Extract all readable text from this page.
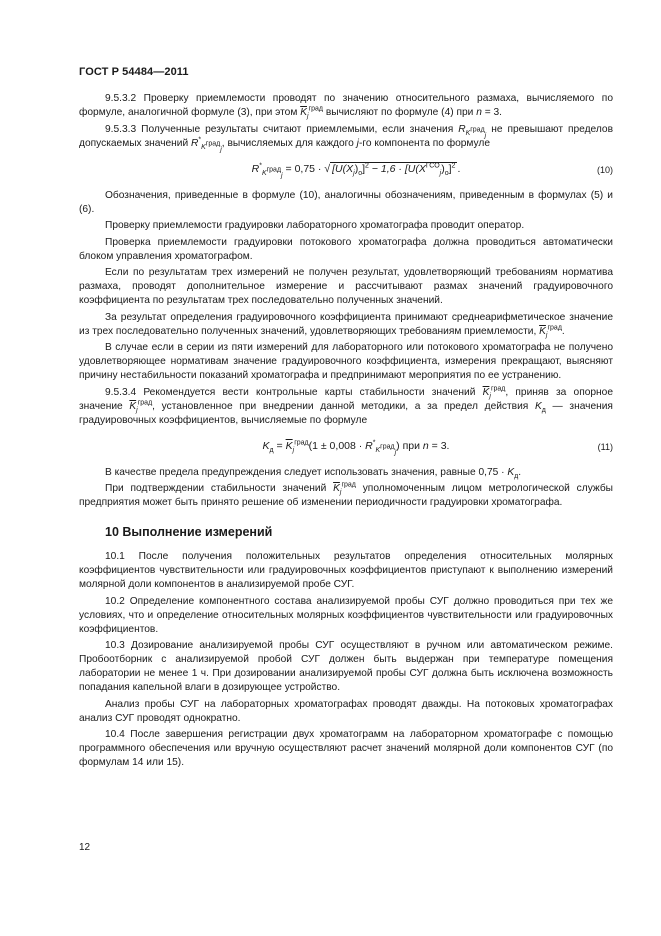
ГОСТ Р 54484—2011

9.5.3.2 Проверку приемлемости проводят по значению относительного размаха, вычисляемого по формуле, аналогичной формуле (3), при этом $\overline{K}_j^{град}$ вычисляют по формуле (4) при n = 3.

9.5.3.3 Полученные результаты считают приемлемыми, если значения $R_{K^{град}_j}$ не превышают пределов допускаемых значений $R^*_{K^{град}_j}$, вычисляемых для каждого j-го компонента по формуле

$R^*_{K^{град}_j} = 0,75$ · √ $[U(X_j)_o]^2 - 1,6 \cdot [U(X^{ГСО}_j)_o]^2$ .	(10)

Обозначения, приведенные в формуле (10), аналогичны обозначениям, приведенным в формулах (5) и (6).

Проверку приемлемости градуировки лабораторного хроматографа проводит оператор.

Проверка приемлемости градуировки потокового хроматографа должна проводиться автоматически блоком управления хроматографом.

Если по результатам трех измерений не получен результат, удовлетворяющий требованиям норматива размаха, проводят дополнительное измерение и рассчитывают размах значений градуировочного коэффициента по результатам трех последовательно полученных значений.

За результат определения градуировочного коэффициента принимают среднеарифметическое значение из трех последовательно полученных значений, удовлетворяющих требованиям приемлемости, $\overline{K}_j^{град}$.

В случае если в серии из пяти измерений для лабораторного или потокового хроматографа не получено удовлетворяющее нормативам значение градуировочного коэффициента, измерения прекращают, выясняют причину нестабильности показаний хроматографа и предпринимают мероприятия по ее устранению.

9.5.3.4 Рекомендуется вести контрольные карты стабильности значений $\overline{K}_j^{град}$, приняв за опорное значение $\overline{K}_j^{град}$, установленное при внедрении данной методики, а за предел действия $K_д$ — значения градуировочных коэффициентов, вычисляемые по формуле

$K_д = \overline{K}_j^{град}(1 \pm 0,008 \cdot R^*_{K^{град}_j})$ при n = 3.	(11)

В качестве предела предупреждения следует использовать значения, равные $0,75 \cdot K_д$.

При подтверждении стабильности значений $\overline{K}_j^{град}$ уполномоченным лицом метрологической службы предприятия может быть принято решение об изменении периодичности градуировки хроматографа.

10 Выполнение измерений

10.1 После получения положительных результатов определения относительных молярных коэффициентов чувствительности или градуировочных коэффициентов приступают к выполнению измерений молярной доли компонентов в анализируемой пробе СУГ.

10.2 Определение компонентного состава анализируемой пробы СУГ должно проводиться при тех же условиях, что и определение относительных молярных коэффициентов чувствительности или градуировочных коэффициентов.

10.3 Дозирование анализируемой пробы СУГ осуществляют в ручном или автоматическом режиме. Пробоотборник с анализируемой пробой СУГ должен быть выдержан при температуре помещения лаборатории не менее 1 ч. При дозировании анализируемой пробы СУГ должна быть исключена возможность попадания капельной влаги в дозирующее устройство.

Анализ пробы СУГ на лабораторных хроматографах проводят дважды. На потоковых хроматографах анализ СУГ проводят однократно.

10.4 После завершения регистрации двух хроматограмм на лабораторном хроматографе с помощью программного обеспечения или вручную осуществляют расчет значений молярной доли компонентов СУГ (по формулам 14 или 15).

12
